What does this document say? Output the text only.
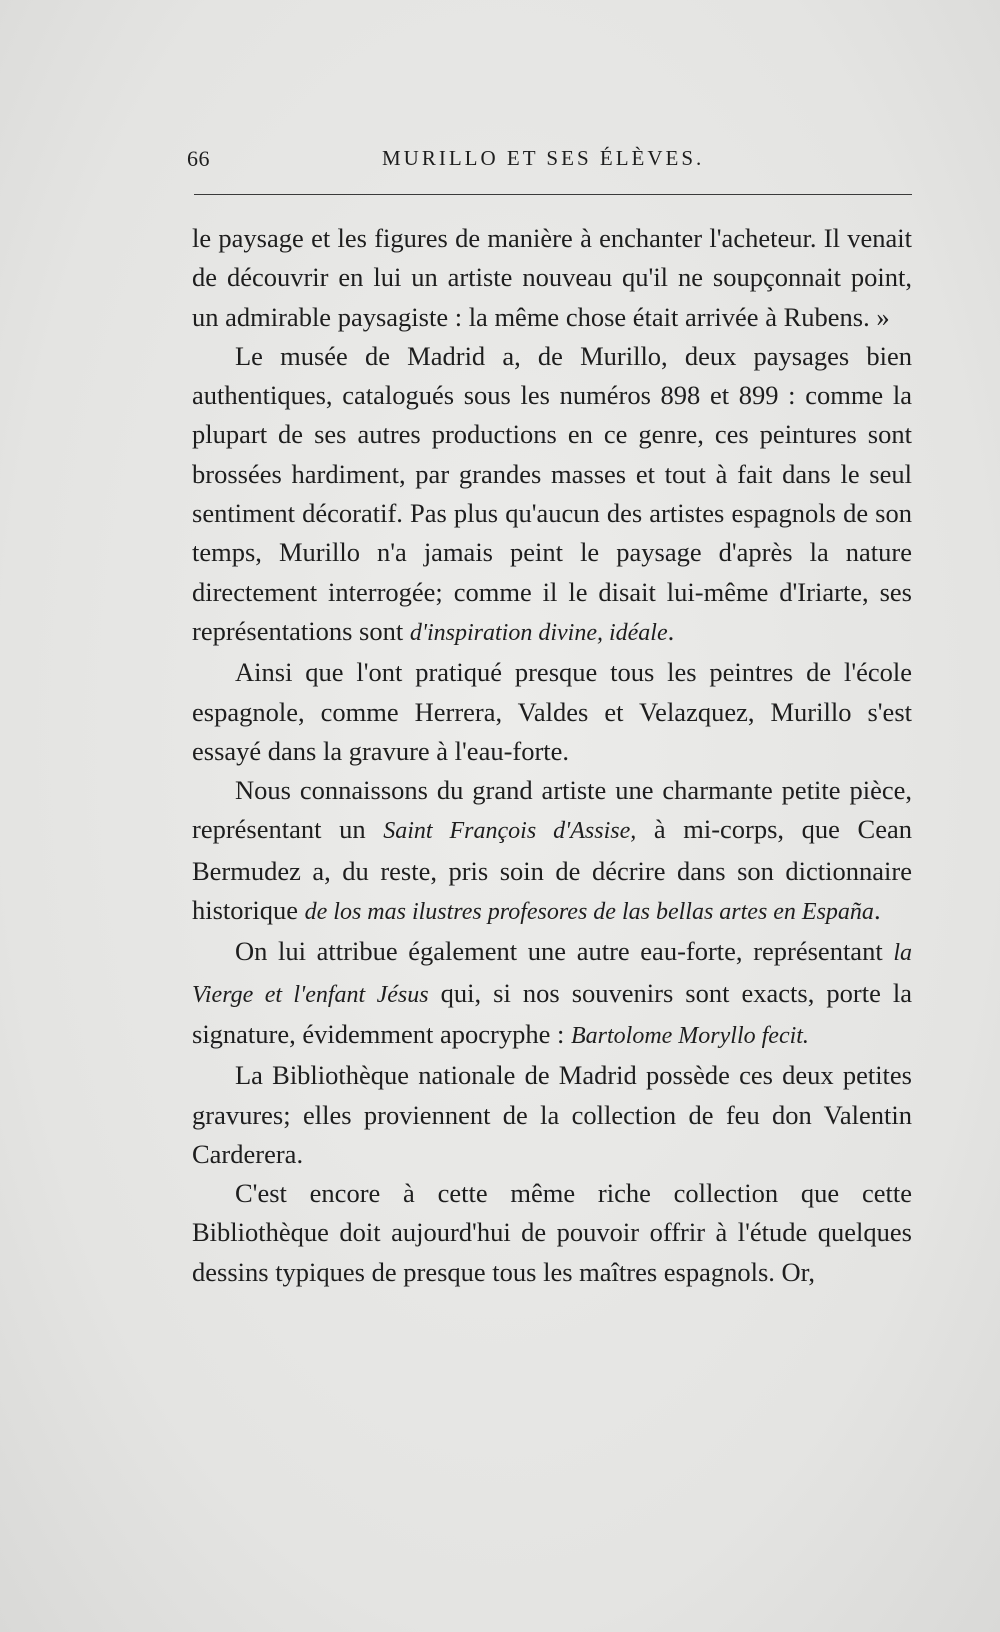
66	MURILLO ET SES ÉLÈVES.

le paysage et les figures de manière à enchanter l'acheteur. Il venait de découvrir en lui un artiste nouveau qu'il ne soupçonnait point, un admirable paysagiste : la même chose était arrivée à Rubens. »

Le musée de Madrid a, de Murillo, deux paysages bien authentiques, catalogués sous les numéros 898 et 899 : comme la plupart de ses autres productions en ce genre, ces peintures sont brossées hardiment, par grandes masses et tout à fait dans le seul sentiment décoratif. Pas plus qu'aucun des artistes espagnols de son temps, Murillo n'a jamais peint le paysage d'après la nature directement interrogée; comme il le disait lui-même d'Iriarte, ses représentations sont d'inspiration divine, idéale.

Ainsi que l'ont pratiqué presque tous les peintres de l'école espagnole, comme Herrera, Valdes et Velazquez, Murillo s'est essayé dans la gravure à l'eau-forte.

Nous connaissons du grand artiste une charmante petite pièce, représentant un Saint François d'Assise, à mi-corps, que Cean Bermudez a, du reste, pris soin de décrire dans son dictionnaire historique de los mas ilustres profesores de las bellas artes en España.

On lui attribue également une autre eau-forte, représentant la Vierge et l'enfant Jésus qui, si nos souvenirs sont exacts, porte la signature, évidemment apocryphe : Bartolome Moryllo fecit.

La Bibliothèque nationale de Madrid possède ces deux petites gravures; elles proviennent de la collection de feu don Valentin Carderera.

C'est encore à cette même riche collection que cette Bibliothèque doit aujourd'hui de pouvoir offrir à l'étude quelques dessins typiques de presque tous les maîtres espagnols. Or,
